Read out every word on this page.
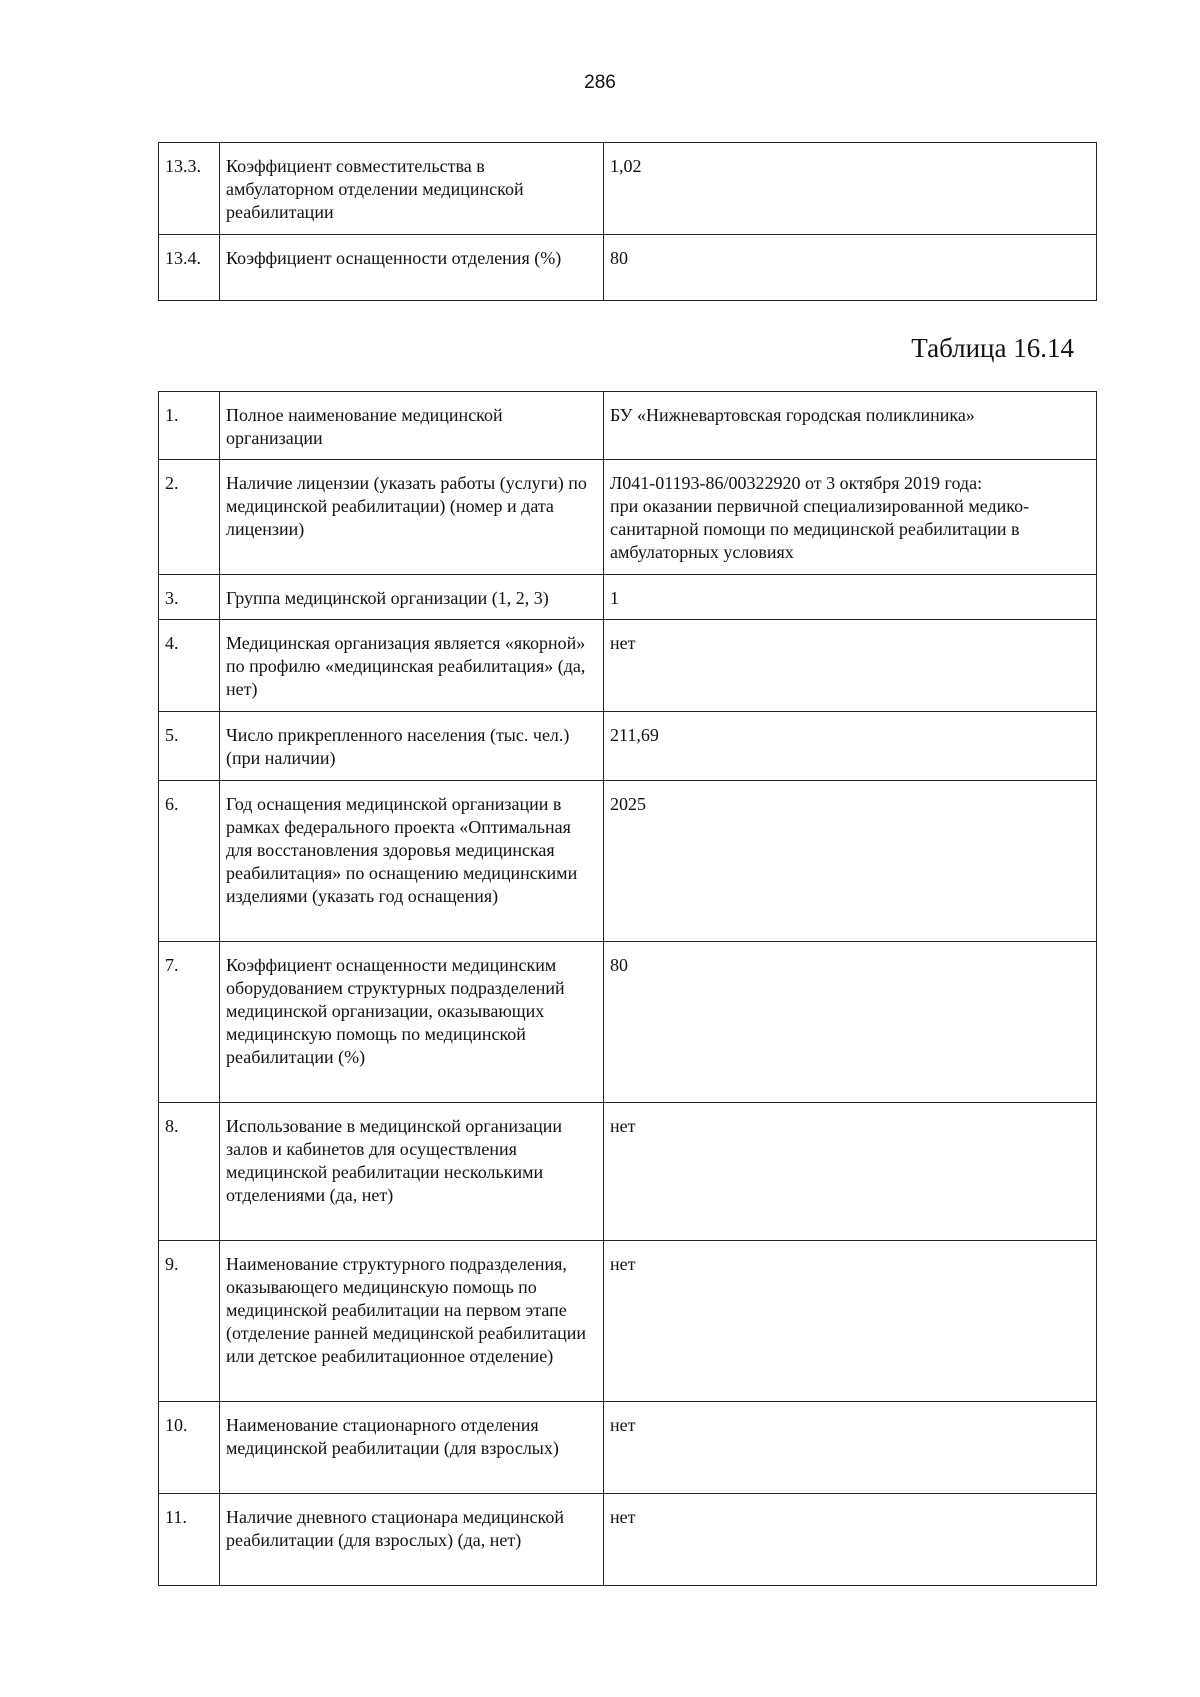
286
13.3.	Коэффициент совместительства в амбулаторном отделении медицинской реабилитации	1,02
13.4.	Коэффициент оснащенности отделения (%)	80
Таблица 16.14
1.	Полное наименование медицинской организации	БУ «Нижневартовская городская поликлиника»
2.	Наличие лицензии (указать работы (услуги) по медицинской реабилитации) (номер и дата лицензии)	Л041-01193-86/00322920 от 3 октября 2019 года:
при оказании первичной специализированной медико-санитарной помощи по медицинской реабилитации в амбулаторных условиях

3.	Группа медицинской организации (1, 2, 3)	1
4.	Медицинская организация является «якорной» по профилю «медицинская реабилитация» (да, нет)	нет
5.	Число прикрепленного населения (тыс. чел.) (при наличии)	211,69
6.	Год оснащения медицинской организации в рамках федерального проекта «Оптимальная для восстановления здоровья медицинская реабилитация» по оснащению медицинскими изделиями (указать год оснащения)	2025
7.	Коэффициент оснащенности медицинским оборудованием структурных подразделений медицинской организации, оказывающих медицинскую помощь по медицинской реабилитации (%)	80
8.	Использование в медицинской организации залов и кабинетов для осуществления медицинской реабилитации несколькими отделениями (да, нет)	нет
9.	Наименование структурного подразделения, оказывающего медицинскую помощь по медицинской реабилитации на первом этапе (отделение ранней медицинской реабилитации или детское реабилитационное отделение)	нет
10.	Наименование стационарного отделения медицинской реабилитации (для взрослых)	нет
11.	Наличие дневного стационара медицинской реабилитации (для взрослых) (да, нет)	нет
